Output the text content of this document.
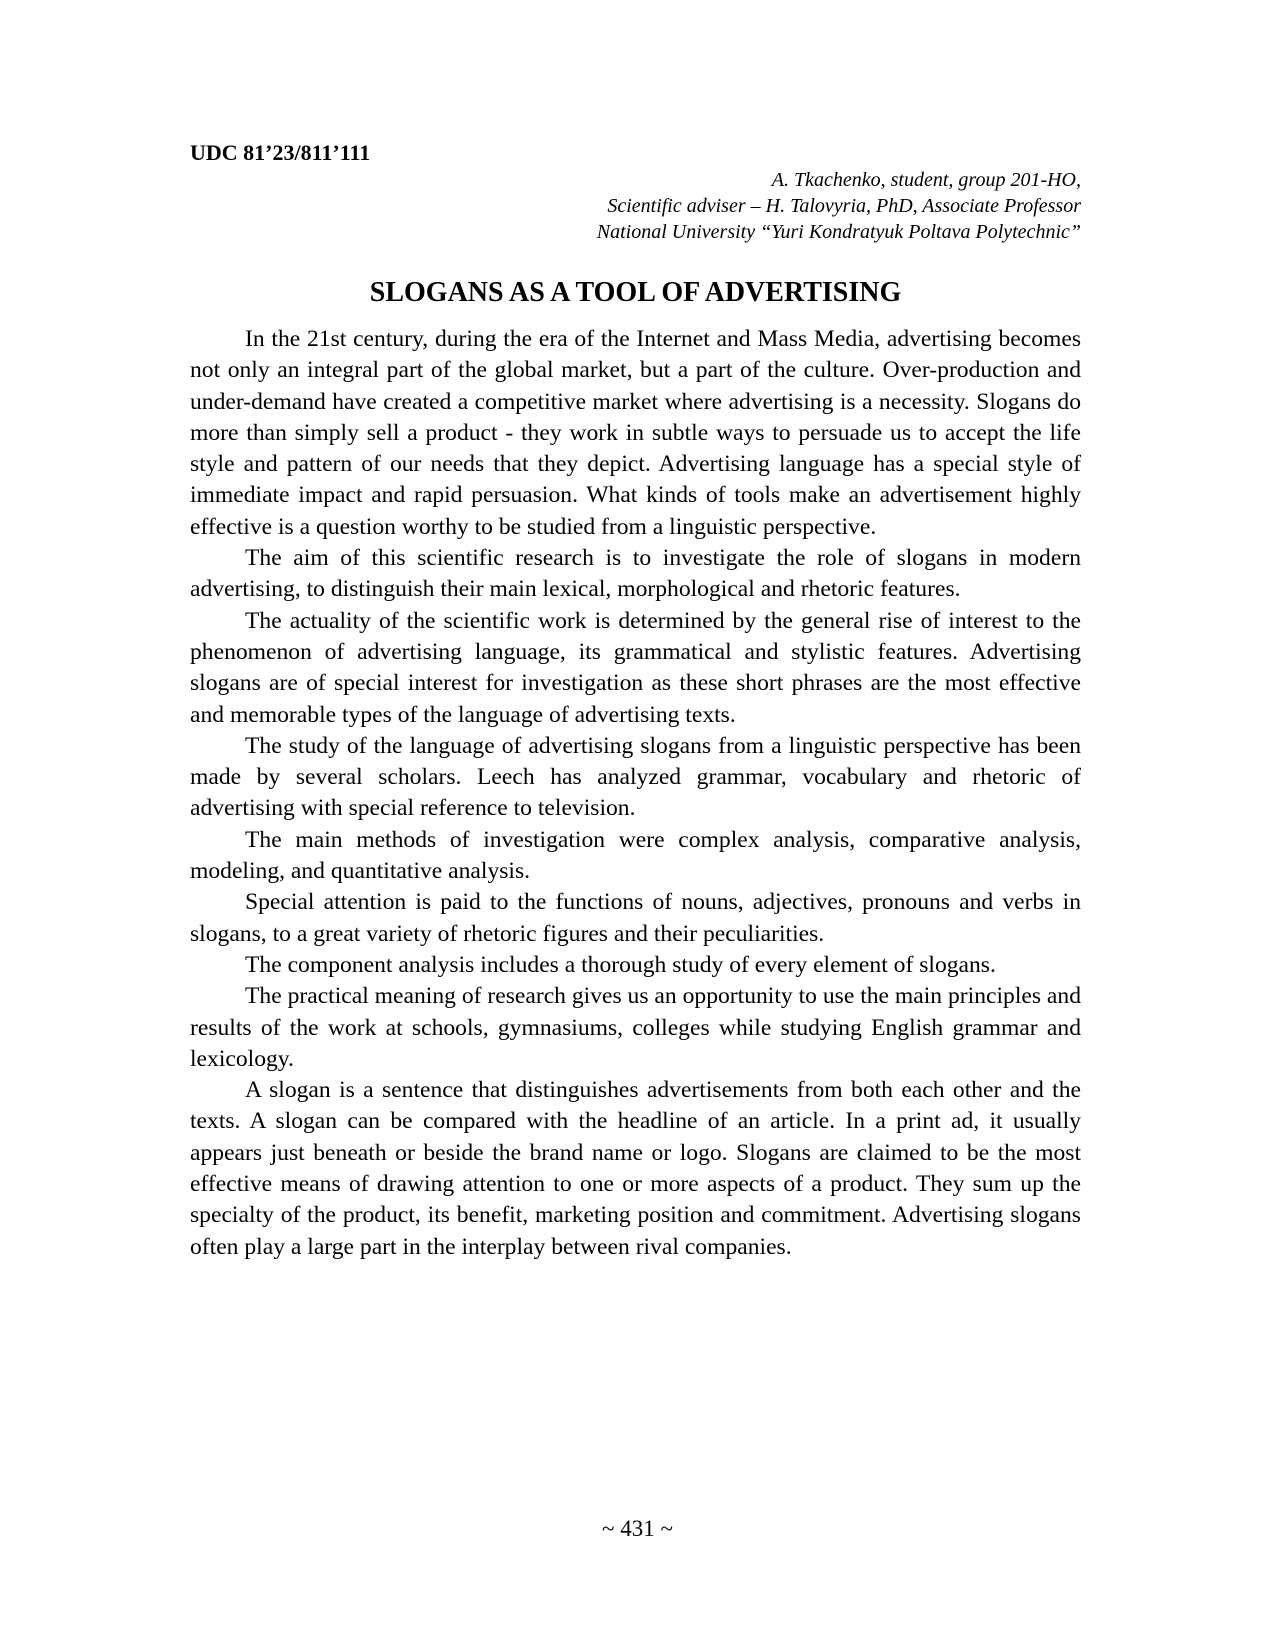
UDC 81’23/811’111
A. Tkachenko, student, group 201-HO,
Scientific adviser – H. Talovyria, PhD, Associate Professor
National University “Yuri Kondratyuk Poltava Polytechnic”
SLOGANS AS A TOOL OF ADVERTISING

In the 21st century, during the era of the Internet and Mass Media, advertising becomes not only an integral part of the global market, but a part of the culture. Over-production and under-demand have created a competitive market where advertising is a necessity. Slogans do more than simply sell a product - they work in subtle ways to persuade us to accept the life style and pattern of our needs that they depict. Advertising language has a special style of immediate impact and rapid persuasion. What kinds of tools make an advertisement highly effective is a question worthy to be studied from a linguistic perspective.

The aim of this scientific research is to investigate the role of slogans in modern advertising, to distinguish their main lexical, morphological and rhetoric features.

The actuality of the scientific work is determined by the general rise of interest to the phenomenon of advertising language, its grammatical and stylistic features. Advertising slogans are of special interest for investigation as these short phrases are the most effective and memorable types of the language of advertising texts.

The study of the language of advertising slogans from a linguistic perspective has been made by several scholars. Leech has analyzed grammar, vocabulary and rhetoric of advertising with special reference to television.

The main methods of investigation were complex analysis, comparative analysis, modeling, and quantitative analysis.

Special attention is paid to the functions of nouns, adjectives, pronouns and verbs in slogans, to a great variety of rhetoric figures and their peculiarities.

The component analysis includes a thorough study of every element of slogans.

The practical meaning of research gives us an opportunity to use the main principles and results of the work at schools, gymnasiums, colleges while studying English grammar and lexicology.

A slogan is a sentence that distinguishes advertisements from both each other and the texts. A slogan can be compared with the headline of an article. In a print ad, it usually appears just beneath or beside the brand name or logo. Slogans are claimed to be the most effective means of drawing attention to one or more aspects of a product. They sum up the specialty of the product, its benefit, marketing position and commitment. Advertising slogans often play a large part in the interplay between rival companies.

~ 431 ~
